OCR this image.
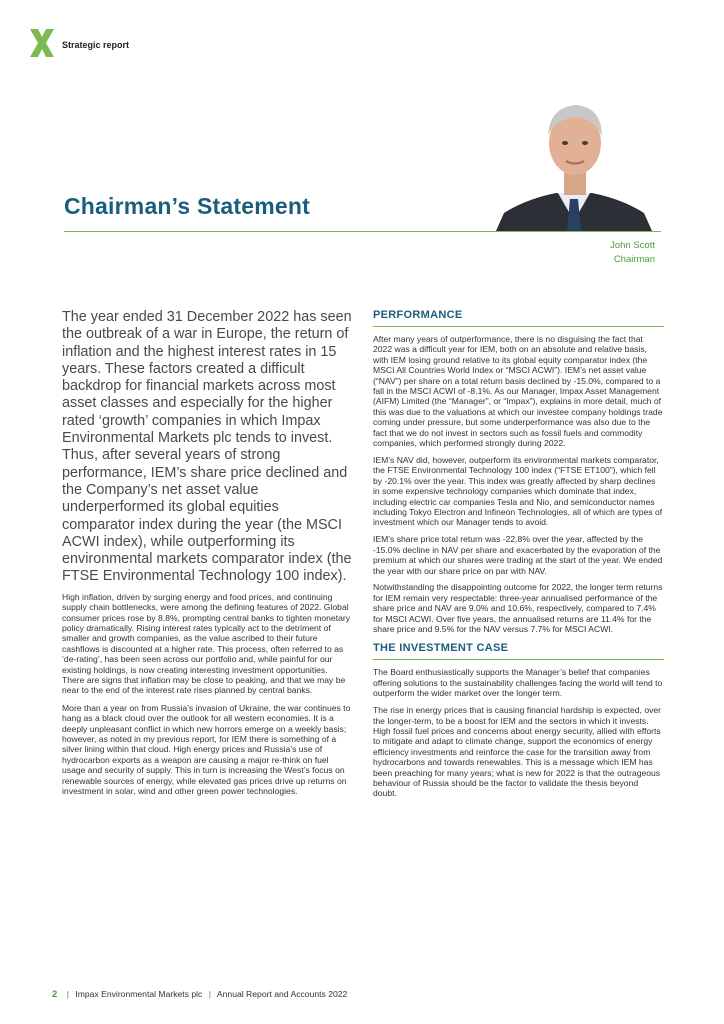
Strategic report
John Scott
Chairman
Chairman’s Statement

The year ended 31 December 2022 has seen the outbreak of a war in Europe, the return of inflation and the highest interest rates in 15 years. These factors created a difficult backdrop for financial markets across most asset classes and especially for the higher rated ‘growth’ companies in which Impax Environmental Markets plc tends to invest. Thus, after several years of strong performance, IEM’s share price declined and the Company’s net asset value underperformed its global equities comparator index during the year (the MSCI ACWI index), while outperforming its environmental markets comparator index (the FTSE Environmental Technology 100 index).

High inflation, driven by surging energy and food prices, and continuing supply chain bottlenecks, were among the defining features of 2022. Global consumer prices rose by 8.8%, prompting central banks to tighten monetary policy dramatically. Rising interest rates typically act to the detriment of smaller and growth companies, as the value ascribed to their future cashflows is discounted at a higher rate. This process, often referred to as ‘de-rating’, has been seen across our portfolio and, while painful for our existing holdings, is now creating interesting investment opportunities. There are signs that inflation may be close to peaking, and that we may be near to the end of the interest rate rises planned by central banks.

More than a year on from Russia’s invasion of Ukraine, the war continues to hang as a black cloud over the outlook for all western economies. It is a deeply unpleasant conflict in which new horrors emerge on a weekly basis; however, as noted in my previous report, for IEM there is something of a silver lining within that cloud. High energy prices and Russia’s use of hydrocarbon exports as a weapon are causing a major re-think on fuel usage and security of supply. This in turn is increasing the West’s focus on renewable sources of energy, while elevated gas prices drive up returns on investment in solar, wind and other green power technologies.

PERFORMANCE

After many years of outperformance, there is no disguising the fact that 2022 was a difficult year for IEM, both on an absolute and relative basis, with IEM losing ground relative to its global equity comparator index (the MSCI All Countries World Index or “MSCI ACWI”). IEM’s net asset value (“NAV”) per share on a total return basis declined by -15.0%, compared to a fall in the MSCI ACWI of -8.1%. As our Manager, Impax Asset Management (AIFM) Limited (the “Manager”, or “Impax”), explains in more detail, much of this was due to the valuations at which our investee company holdings trade coming under pressure, but some underperformance was also due to the fact that we do not invest in sectors such as fossil fuels and commodity companies, which performed strongly during 2022.

IEM’s NAV did, however, outperform its environmental markets comparator, the FTSE Environmental Technology 100 index (“FTSE ET100”), which fell by -20.1% over the year. This index was greatly affected by sharp declines in some expensive technology companies which dominate that index, including electric car companies Tesla and Nio, and semiconductor names including Tokyo Electron and Infineon Technologies, all of which are types of investment which our Manager tends to avoid.

IEM’s share price total return was -22.8% over the year, affected by the -15.0% decline in NAV per share and exacerbated by the evaporation of the premium at which our shares were trading at the start of the year. We ended the year with our share price on par with NAV.

Notwithstanding the disappointing outcome for 2022, the longer term returns for IEM remain very respectable: three-year annualised performance of the share price and NAV are 9.0% and 10.6%, respectively, compared to 7.4% for MSCI ACWI. Over five years, the annualised returns are 11.4% for the share price and 9.5% for the NAV versus 7.7% for MSCI ACWI.

THE INVESTMENT CASE

The Board enthusiastically supports the Manager’s belief that companies offering solutions to the sustainability challenges facing the world will tend to outperform the wider market over the longer term.

The rise in energy prices that is causing financial hardship is expected, over the longer-term, to be a boost for IEM and the sectors in which it invests. High fossil fuel prices and concerns about energy security, allied with efforts to mitigate and adapt to climate change, support the economics of energy efficiency investments and reinforce the case for the transition away from hydrocarbons and towards renewables. This is a message which IEM has been preaching for many years; what is new for 2022 is that the outrageous behaviour of Russia should be the factor to validate the thesis beyond doubt.

2 | Impax Environmental Markets plc | Annual Report and Accounts 2022
